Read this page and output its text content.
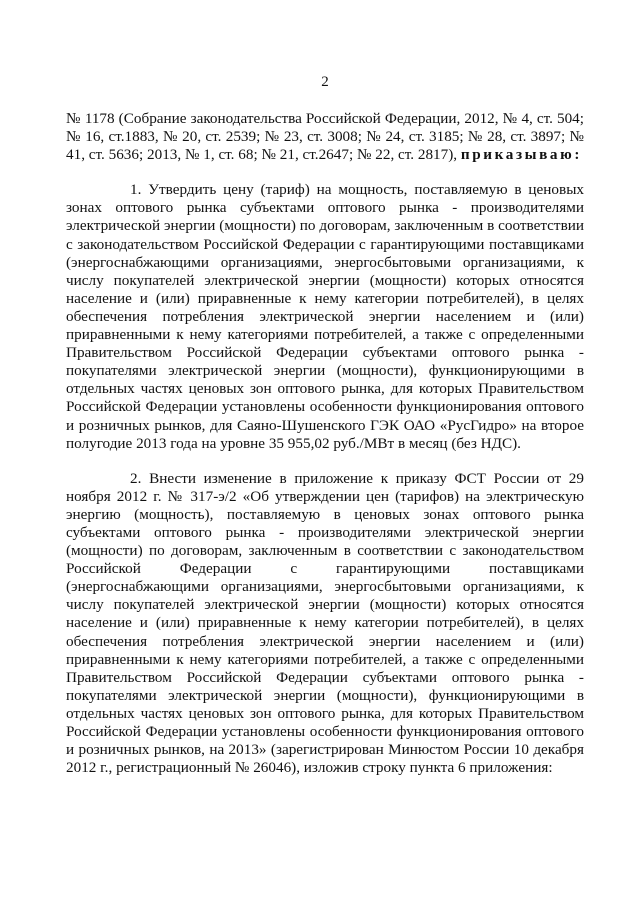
2

№ 1178 (Собрание законодательства Российской Федерации, 2012, № 4, ст. 504; № 16, ст.1883, № 20, ст. 2539; № 23, ст. 3008; № 24, ст. 3185; № 28, ст. 3897; № 41, ст. 5636; 2013, № 1, ст. 68; № 21, ст.2647; № 22, ст. 2817), приказываю:

1. Утвердить цену (тариф) на мощность, поставляемую в ценовых зонах оптового рынка субъектами оптового рынка - производителями электрической энергии (мощности) по договорам, заключенным в соответствии с законодательством Российской Федерации с гарантирующими поставщиками (энергоснабжающими организациями, энергосбытовыми организациями, к числу покупателей электрической энергии (мощности) которых относятся население и (или) приравненные к нему категории потребителей), в целях обеспечения потребления электрической энергии населением и (или) приравненными к нему категориями потребителей, а также с определенными Правительством Российской Федерации субъектами оптового рынка - покупателями электрической энергии (мощности), функционирующими в отдельных частях ценовых зон оптового рынка, для которых Правительством Российской Федерации установлены особенности функционирования оптового и розничных рынков, для Саяно-Шушенского ГЭК ОАО «РусГидро» на второе полугодие 2013 года на уровне 35 955,02 руб./МВт в месяц (без НДС).

2. Внести изменение в приложение к приказу ФСТ России от 29 ноября 2012 г. № 317-э/2 «Об утверждении цен (тарифов) на электрическую энергию (мощность), поставляемую в ценовых зонах оптового рынка субъектами оптового рынка - производителями электрической энергии (мощности) по договорам, заключенным в соответствии с законодательством Российской Федерации с гарантирующими поставщиками (энергоснабжающими организациями, энергосбытовыми организациями, к числу покупателей электрической энергии (мощности) которых относятся население и (или) приравненные к нему категории потребителей), в целях обеспечения потребления электрической энергии населением и (или) приравненными к нему категориями потребителей, а также с определенными Правительством Российской Федерации субъектами оптового рынка - покупателями электрической энергии (мощности), функционирующими в отдельных частях ценовых зон оптового рынка, для которых Правительством Российской Федерации установлены особенности функционирования оптового и розничных рынков, на 2013» (зарегистрирован Минюстом России 10 декабря 2012 г., регистрационный № 26046), изложив строку пункта 6 приложения:
